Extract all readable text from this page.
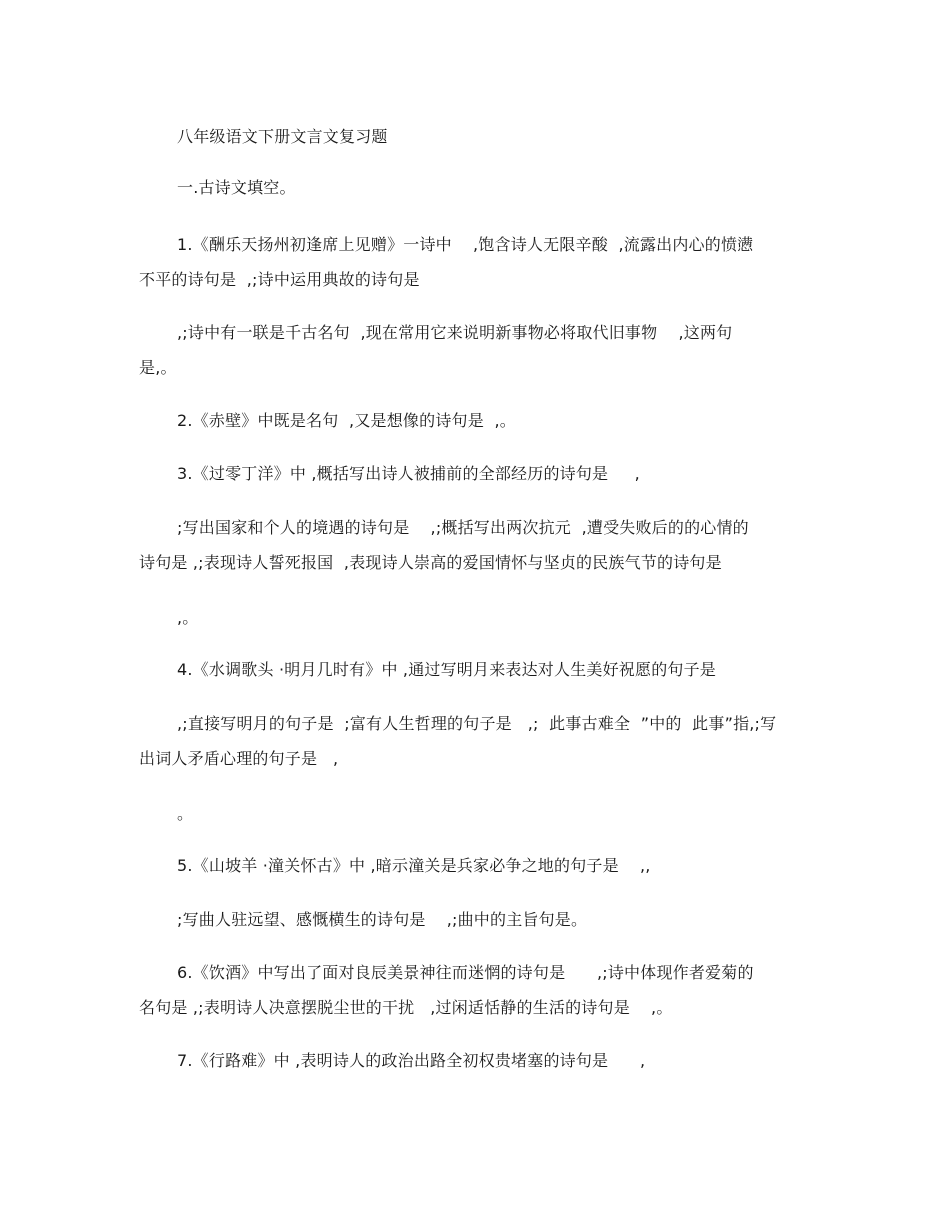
八年级语文下册文言文复习题
一.古诗文填空。
1.《酬乐天扬州初逢席上见赠》一诗中    ,饱含诗人无限辛酸  ,流露出内心的愤懑
不平的诗句是  ,;诗中运用典故的诗句是
,;诗中有一联是千古名句  ,现在常用它来说明新事物必将取代旧事物    ,这两句
是,。
2.《赤壁》中既是名句  ,又是想像的诗句是  ,。
3.《过零丁洋》中 ,概括写出诗人被捕前的全部经历的诗句是     ,
;写出国家和个人的境遇的诗句是    ,;概括写出两次抗元  ,遭受失败后的的心情的
诗句是 ,;表现诗人誓死报国  ,表现诗人崇高的爱国情怀与坚贞的民族气节的诗句是
,。
4.《水调歌头 ·明月几时有》中 ,通过写明月来表达对人生美好祝愿的句子是
,;直接写明月的句子是  ;富有人生哲理的句子是   ,;  此事古难全  ”中的  此事”指,;写
出词人矛盾心理的句子是   ,
。
5.《山坡羊 ·潼关怀古》中 ,暗示潼关是兵家必争之地的句子是    ,,
;写曲人驻远望、感慨横生的诗句是    ,;曲中的主旨句是。
6.《饮酒》中写出了面对良辰美景神往而迷惘的诗句是      ,;诗中体现作者爱菊的
名句是 ,;表明诗人决意摆脱尘世的干扰   ,过闲适恬静的生活的诗句是    ,。
7.《行路难》中 ,表明诗人的政治出路全初权贵堵塞的诗句是      ,
